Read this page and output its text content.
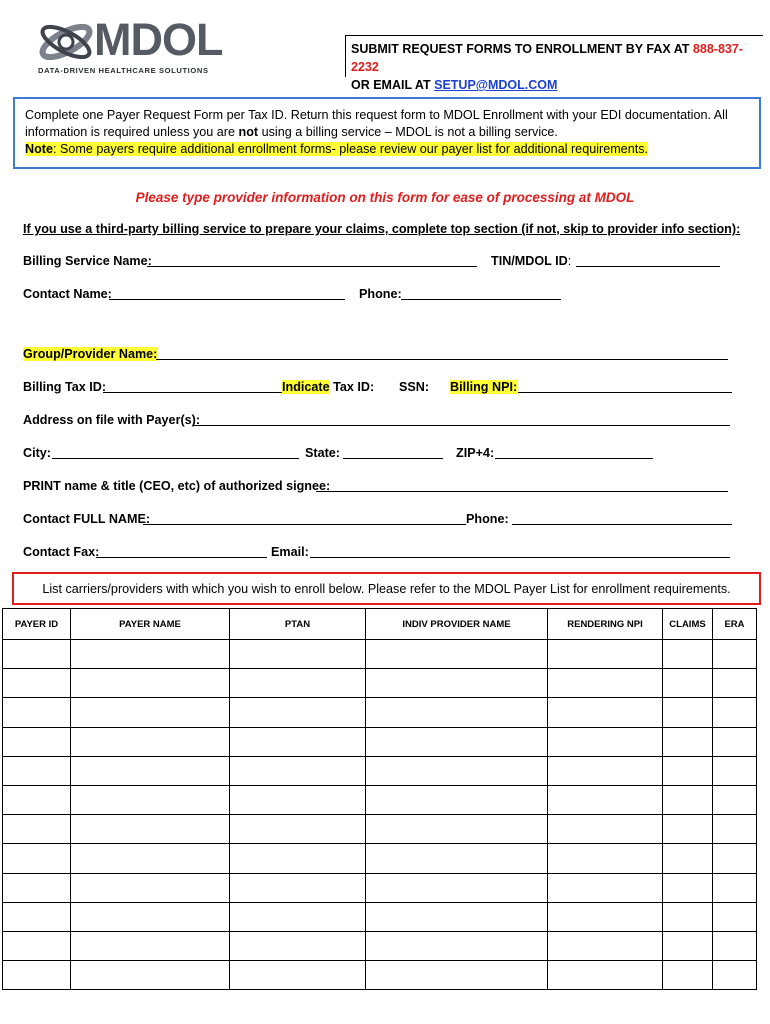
MDOL
DATA-DRIVEN HEALTHCARE SOLUTIONS
SUBMIT REQUEST FORMS TO ENROLLMENT BY FAX AT 888-837-2232
OR EMAIL AT SETUP@MDOL.COM
Complete one Payer Request Form per Tax ID. Return this request form to MDOL Enrollment with your EDI documentation. All information is required unless you are not using a billing service – MDOL is not a billing service.
Note: Some payers require additional enrollment forms- please review our payer list for additional requirements.
Please type provider information on this form for ease of processing at MDOL
If you use a third-party billing service to prepare your claims, complete top section (if not, skip to provider info section):
Billing Service Name:	TIN/MDOL ID:
Contact Name:	Phone:
Group/Provider Name:
Billing Tax ID:	Indicate Tax ID: SSN: Billing NPI:
Address on file with Payer(s):
City:	State:	ZIP+4:
PRINT name & title (CEO, etc) of authorized signee:
Contact FULL NAME:	Phone:
Contact Fax:	Email:
List carriers/providers with which you wish to enroll below. Please refer to the MDOL Payer List for enrollment requirements.
PAYER ID	PAYER NAME	PTAN	INDIV PROVIDER NAME	RENDERING NPI	CLAIMS	ERA
